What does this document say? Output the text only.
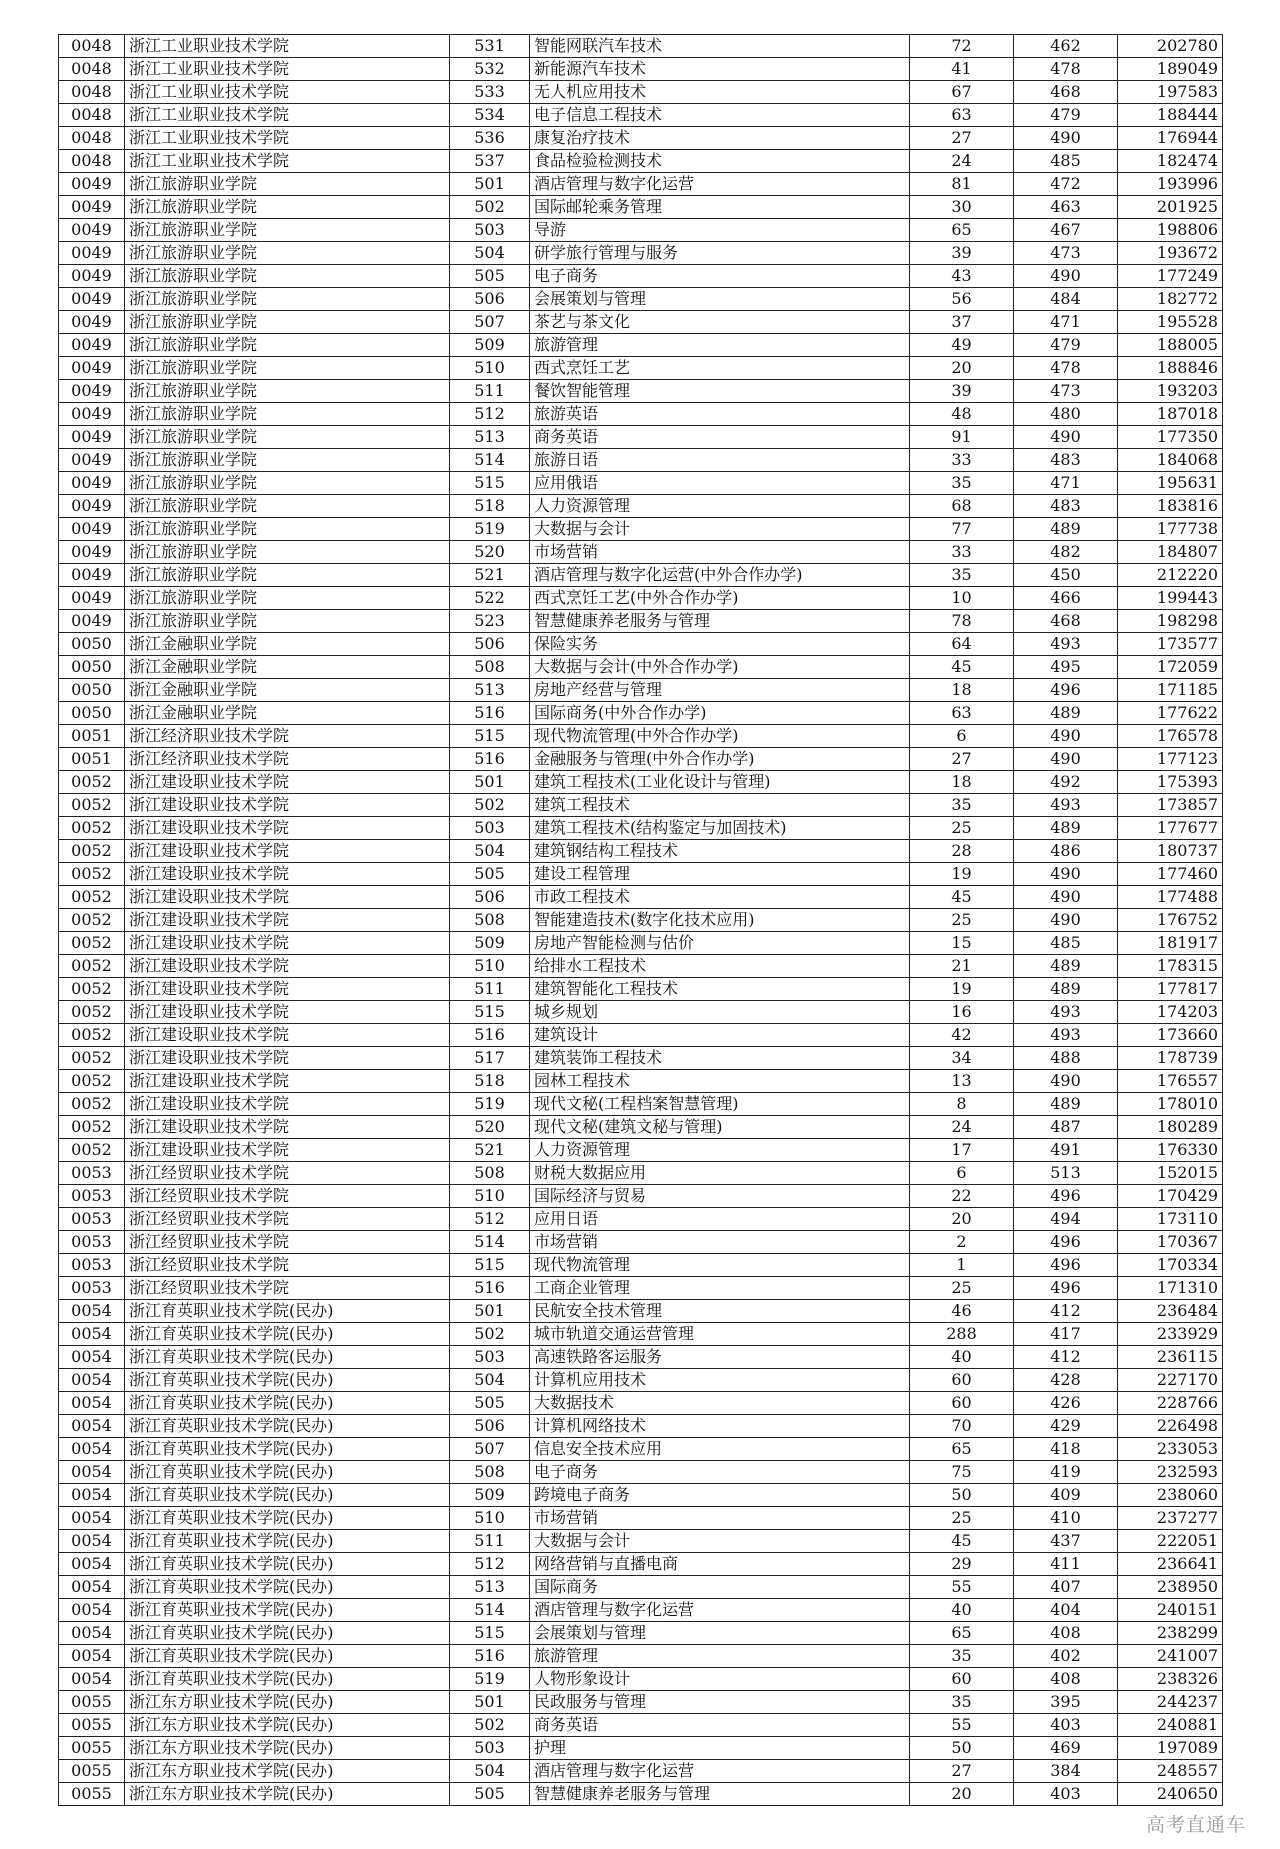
0048	浙江工业职业技术学院	531	智能网联汽车技术	72	462	202780
0048	浙江工业职业技术学院	532	新能源汽车技术	41	478	189049
0048	浙江工业职业技术学院	533	无人机应用技术	67	468	197583
0048	浙江工业职业技术学院	534	电子信息工程技术	63	479	188444
0048	浙江工业职业技术学院	536	康复治疗技术	27	490	176944
0048	浙江工业职业技术学院	537	食品检验检测技术	24	485	182474
0049	浙江旅游职业学院	501	酒店管理与数字化运营	81	472	193996
0049	浙江旅游职业学院	502	国际邮轮乘务管理	30	463	201925
0049	浙江旅游职业学院	503	导游	65	467	198806
0049	浙江旅游职业学院	504	研学旅行管理与服务	39	473	193672
0049	浙江旅游职业学院	505	电子商务	43	490	177249
0049	浙江旅游职业学院	506	会展策划与管理	56	484	182772
0049	浙江旅游职业学院	507	茶艺与茶文化	37	471	195528
0049	浙江旅游职业学院	509	旅游管理	49	479	188005
0049	浙江旅游职业学院	510	西式烹饪工艺	20	478	188846
0049	浙江旅游职业学院	511	餐饮智能管理	39	473	193203
0049	浙江旅游职业学院	512	旅游英语	48	480	187018
0049	浙江旅游职业学院	513	商务英语	91	490	177350
0049	浙江旅游职业学院	514	旅游日语	33	483	184068
0049	浙江旅游职业学院	515	应用俄语	35	471	195631
0049	浙江旅游职业学院	518	人力资源管理	68	483	183816
0049	浙江旅游职业学院	519	大数据与会计	77	489	177738
0049	浙江旅游职业学院	520	市场营销	33	482	184807
0049	浙江旅游职业学院	521	酒店管理与数字化运营(中外合作办学)	35	450	212220
0049	浙江旅游职业学院	522	西式烹饪工艺(中外合作办学)	10	466	199443
0049	浙江旅游职业学院	523	智慧健康养老服务与管理	78	468	198298
0050	浙江金融职业学院	506	保险实务	64	493	173577
0050	浙江金融职业学院	508	大数据与会计(中外合作办学)	45	495	172059
0050	浙江金融职业学院	513	房地产经营与管理	18	496	171185
0050	浙江金融职业学院	516	国际商务(中外合作办学)	63	489	177622
0051	浙江经济职业技术学院	515	现代物流管理(中外合作办学)	6	490	176578
0051	浙江经济职业技术学院	516	金融服务与管理(中外合作办学)	27	490	177123
0052	浙江建设职业技术学院	501	建筑工程技术(工业化设计与管理)	18	492	175393
0052	浙江建设职业技术学院	502	建筑工程技术	35	493	173857
0052	浙江建设职业技术学院	503	建筑工程技术(结构鉴定与加固技术)	25	489	177677
0052	浙江建设职业技术学院	504	建筑钢结构工程技术	28	486	180737
0052	浙江建设职业技术学院	505	建设工程管理	19	490	177460
0052	浙江建设职业技术学院	506	市政工程技术	45	490	177488
0052	浙江建设职业技术学院	508	智能建造技术(数字化技术应用)	25	490	176752
0052	浙江建设职业技术学院	509	房地产智能检测与估价	15	485	181917
0052	浙江建设职业技术学院	510	给排水工程技术	21	489	178315
0052	浙江建设职业技术学院	511	建筑智能化工程技术	19	489	177817
0052	浙江建设职业技术学院	515	城乡规划	16	493	174203
0052	浙江建设职业技术学院	516	建筑设计	42	493	173660
0052	浙江建设职业技术学院	517	建筑装饰工程技术	34	488	178739
0052	浙江建设职业技术学院	518	园林工程技术	13	490	176557
0052	浙江建设职业技术学院	519	现代文秘(工程档案智慧管理)	8	489	178010
0052	浙江建设职业技术学院	520	现代文秘(建筑文秘与管理)	24	487	180289
0052	浙江建设职业技术学院	521	人力资源管理	17	491	176330
0053	浙江经贸职业技术学院	508	财税大数据应用	6	513	152015
0053	浙江经贸职业技术学院	510	国际经济与贸易	22	496	170429
0053	浙江经贸职业技术学院	512	应用日语	20	494	173110
0053	浙江经贸职业技术学院	514	市场营销	2	496	170367
0053	浙江经贸职业技术学院	515	现代物流管理	1	496	170334
0053	浙江经贸职业技术学院	516	工商企业管理	25	496	171310
0054	浙江育英职业技术学院(民办)	501	民航安全技术管理	46	412	236484
0054	浙江育英职业技术学院(民办)	502	城市轨道交通运营管理	288	417	233929
0054	浙江育英职业技术学院(民办)	503	高速铁路客运服务	40	412	236115
0054	浙江育英职业技术学院(民办)	504	计算机应用技术	60	428	227170
0054	浙江育英职业技术学院(民办)	505	大数据技术	60	426	228766
0054	浙江育英职业技术学院(民办)	506	计算机网络技术	70	429	226498
0054	浙江育英职业技术学院(民办)	507	信息安全技术应用	65	418	233053
0054	浙江育英职业技术学院(民办)	508	电子商务	75	419	232593
0054	浙江育英职业技术学院(民办)	509	跨境电子商务	50	409	238060
0054	浙江育英职业技术学院(民办)	510	市场营销	25	410	237277
0054	浙江育英职业技术学院(民办)	511	大数据与会计	45	437	222051
0054	浙江育英职业技术学院(民办)	512	网络营销与直播电商	29	411	236641
0054	浙江育英职业技术学院(民办)	513	国际商务	55	407	238950
0054	浙江育英职业技术学院(民办)	514	酒店管理与数字化运营	40	404	240151
0054	浙江育英职业技术学院(民办)	515	会展策划与管理	65	408	238299
0054	浙江育英职业技术学院(民办)	516	旅游管理	35	402	241007
0054	浙江育英职业技术学院(民办)	519	人物形象设计	60	408	238326
0055	浙江东方职业技术学院(民办)	501	民政服务与管理	35	395	244237
0055	浙江东方职业技术学院(民办)	502	商务英语	55	403	240881
0055	浙江东方职业技术学院(民办)	503	护理	50	469	197089
0055	浙江东方职业技术学院(民办)	504	酒店管理与数字化运营	27	384	248557
0055	浙江东方职业技术学院(民办)	505	智慧健康养老服务与管理	20	403	240650
高考直通车
